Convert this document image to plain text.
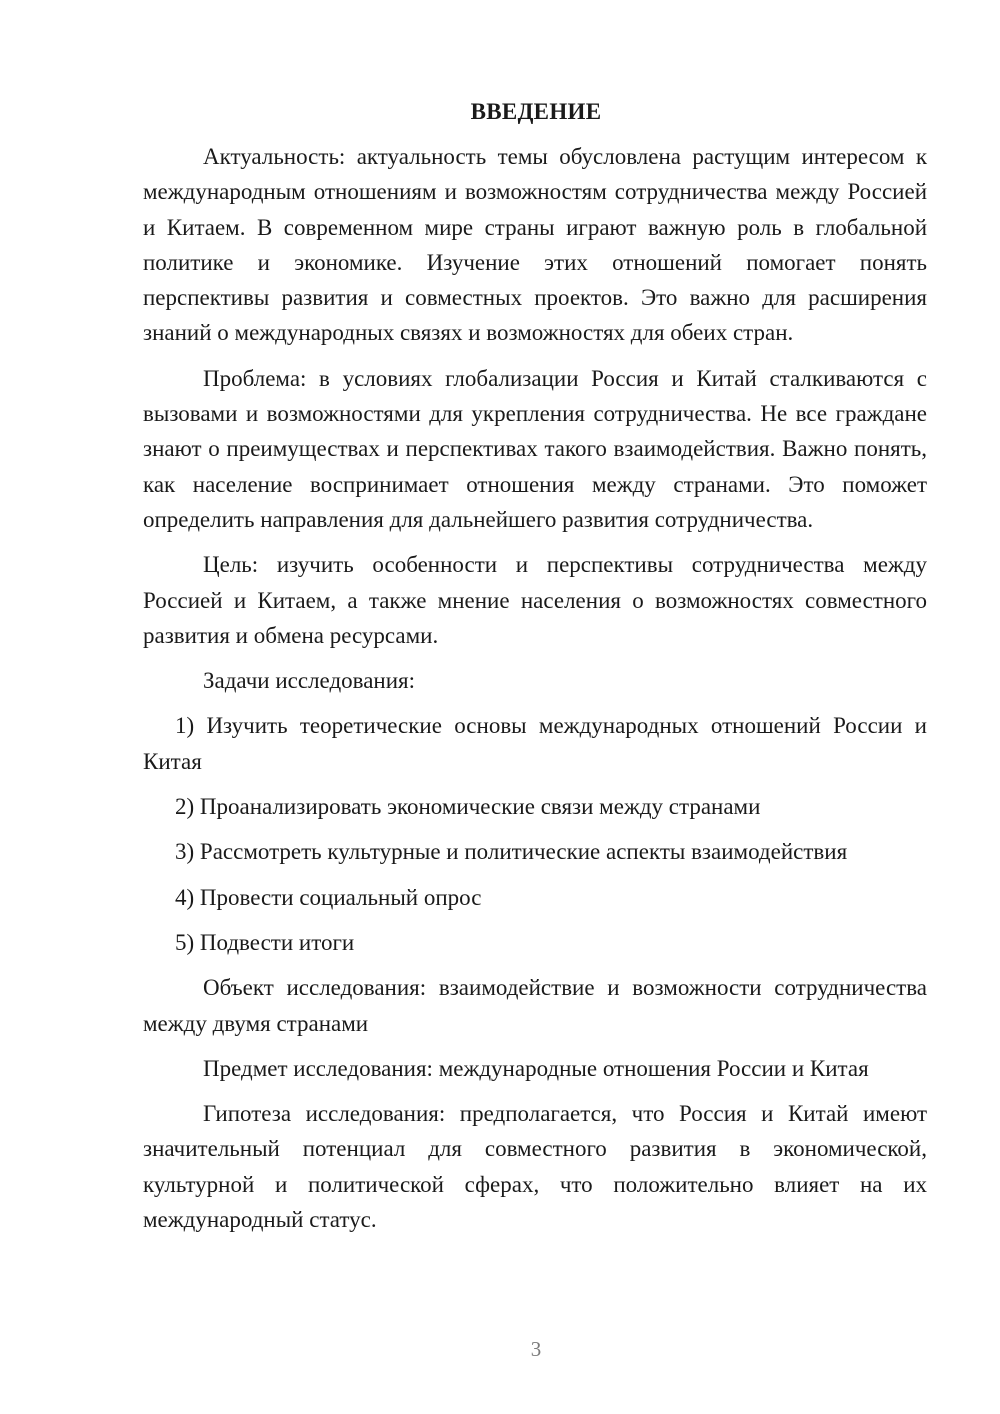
ВВЕДЕНИЕ

Актуальность: актуальность темы обусловлена растущим интересом к международным отношениям и возможностям сотрудничества между Россией и Китаем. В современном мире страны играют важную роль в глобальной политике и экономике. Изучение этих отношений помогает понять перспективы развития и совместных проектов. Это важно для расширения знаний о международных связях и возможностях для обеих стран.

Проблема: в условиях глобализации Россия и Китай сталкиваются с вызовами и возможностями для укрепления сотрудничества. Не все граждане знают о преимуществах и перспективах такого взаимодействия. Важно понять, как население воспринимает отношения между странами. Это поможет определить направления для дальнейшего развития сотрудничества.

Цель: изучить особенности и перспективы сотрудничества между Россией и Китаем, а также мнение населения о возможностях совместного развития и обмена ресурсами.

Задачи исследования:

1) Изучить теоретические основы международных отношений России и Китая

2) Проанализировать экономические связи между странами

3) Рассмотреть культурные и политические аспекты взаимодействия

4) Провести социальный опрос

5) Подвести итоги

Объект исследования: взаимодействие и возможности сотрудничества между двумя странами

Предмет исследования: международные отношения России и Китая

Гипотеза исследования: предполагается, что Россия и Китай имеют значительный потенциал для совместного развития в экономической, культурной и политической сферах, что положительно влияет на их международный статус.

3
